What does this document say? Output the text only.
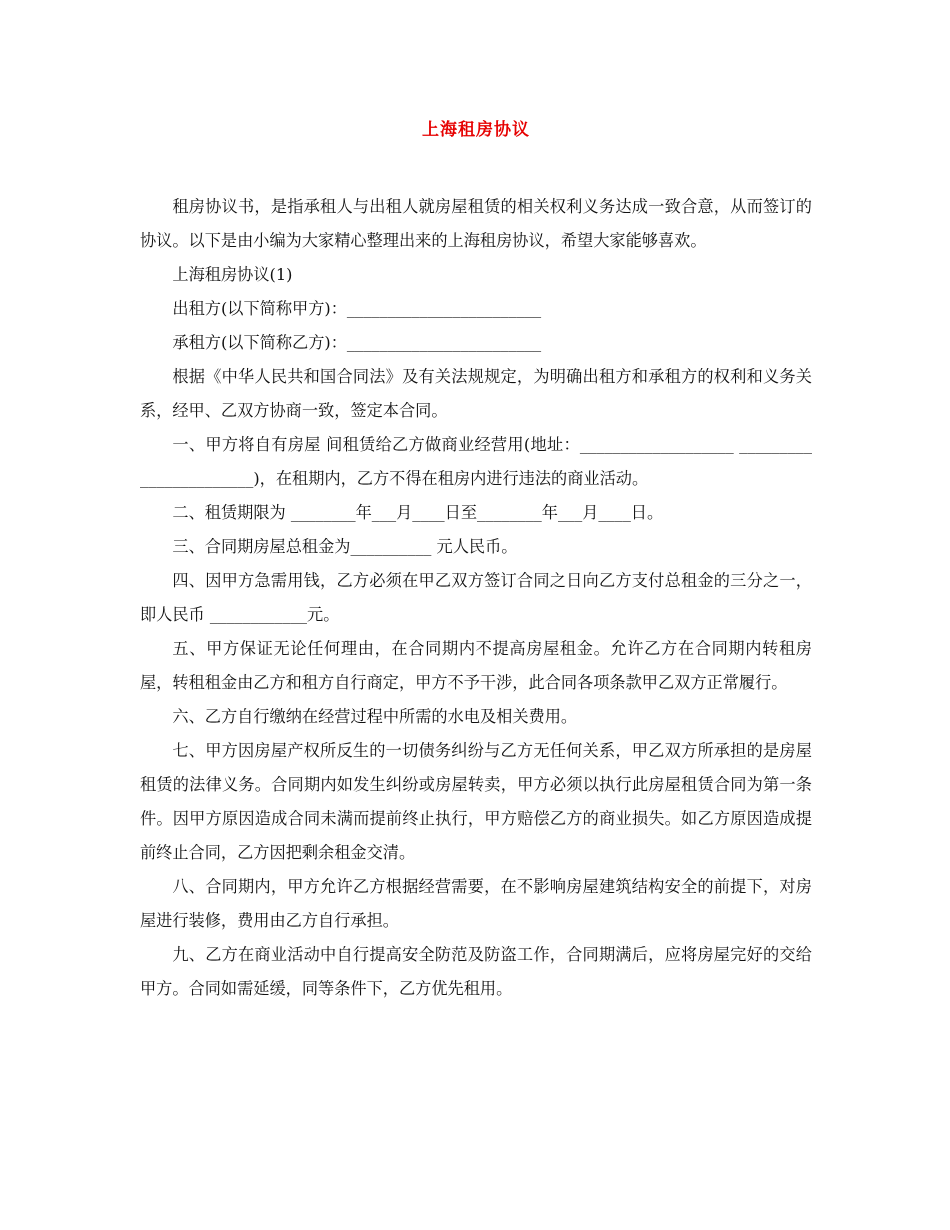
上海租房协议

租房协议书，是指承租人与出租人就房屋租赁的相关权利义务达成一致合意，从而签订的协议。以下是由小编为大家精心整理出来的上海租房协议，希望大家能够喜欢。

上海租房协议(1)

出租方(以下简称甲方)：________________________

承租方(以下简称乙方)：________________________

根据《中华人民共和国合同法》及有关法规规定，为明确出租方和承租方的权利和义务关系，经甲、乙双方协商一致，签定本合同。

一、甲方将自有房屋 间租赁给乙方做商业经营用(地址：___________________ _______________________)，在租期内，乙方不得在租房内进行违法的商业活动。

二、租赁期限为 ________年___月____日至________年___月____日。

三、合同期房屋总租金为__________ 元人民币。

四、因甲方急需用钱，乙方必须在甲乙双方签订合同之日向乙方支付总租金的三分之一，即人民币 ____________元。

五、甲方保证无论任何理由，在合同期内不提高房屋租金。允许乙方在合同期内转租房屋，转租租金由乙方和租方自行商定，甲方不予干涉，此合同各项条款甲乙双方正常履行。

六、乙方自行缴纳在经营过程中所需的水电及相关费用。

七、甲方因房屋产权所反生的一切债务纠纷与乙方无任何关系，甲乙双方所承担的是房屋租赁的法律义务。合同期内如发生纠纷或房屋转卖，甲方必须以执行此房屋租赁合同为第一条件。因甲方原因造成合同未满而提前终止执行，甲方赔偿乙方的商业损失。如乙方原因造成提前终止合同，乙方因把剩余租金交清。

八、合同期内，甲方允许乙方根据经营需要，在不影响房屋建筑结构安全的前提下，对房屋进行装修，费用由乙方自行承担。

九、乙方在商业活动中自行提高安全防范及防盗工作，合同期满后，应将房屋完好的交给甲方。合同如需延缓，同等条件下，乙方优先租用。
